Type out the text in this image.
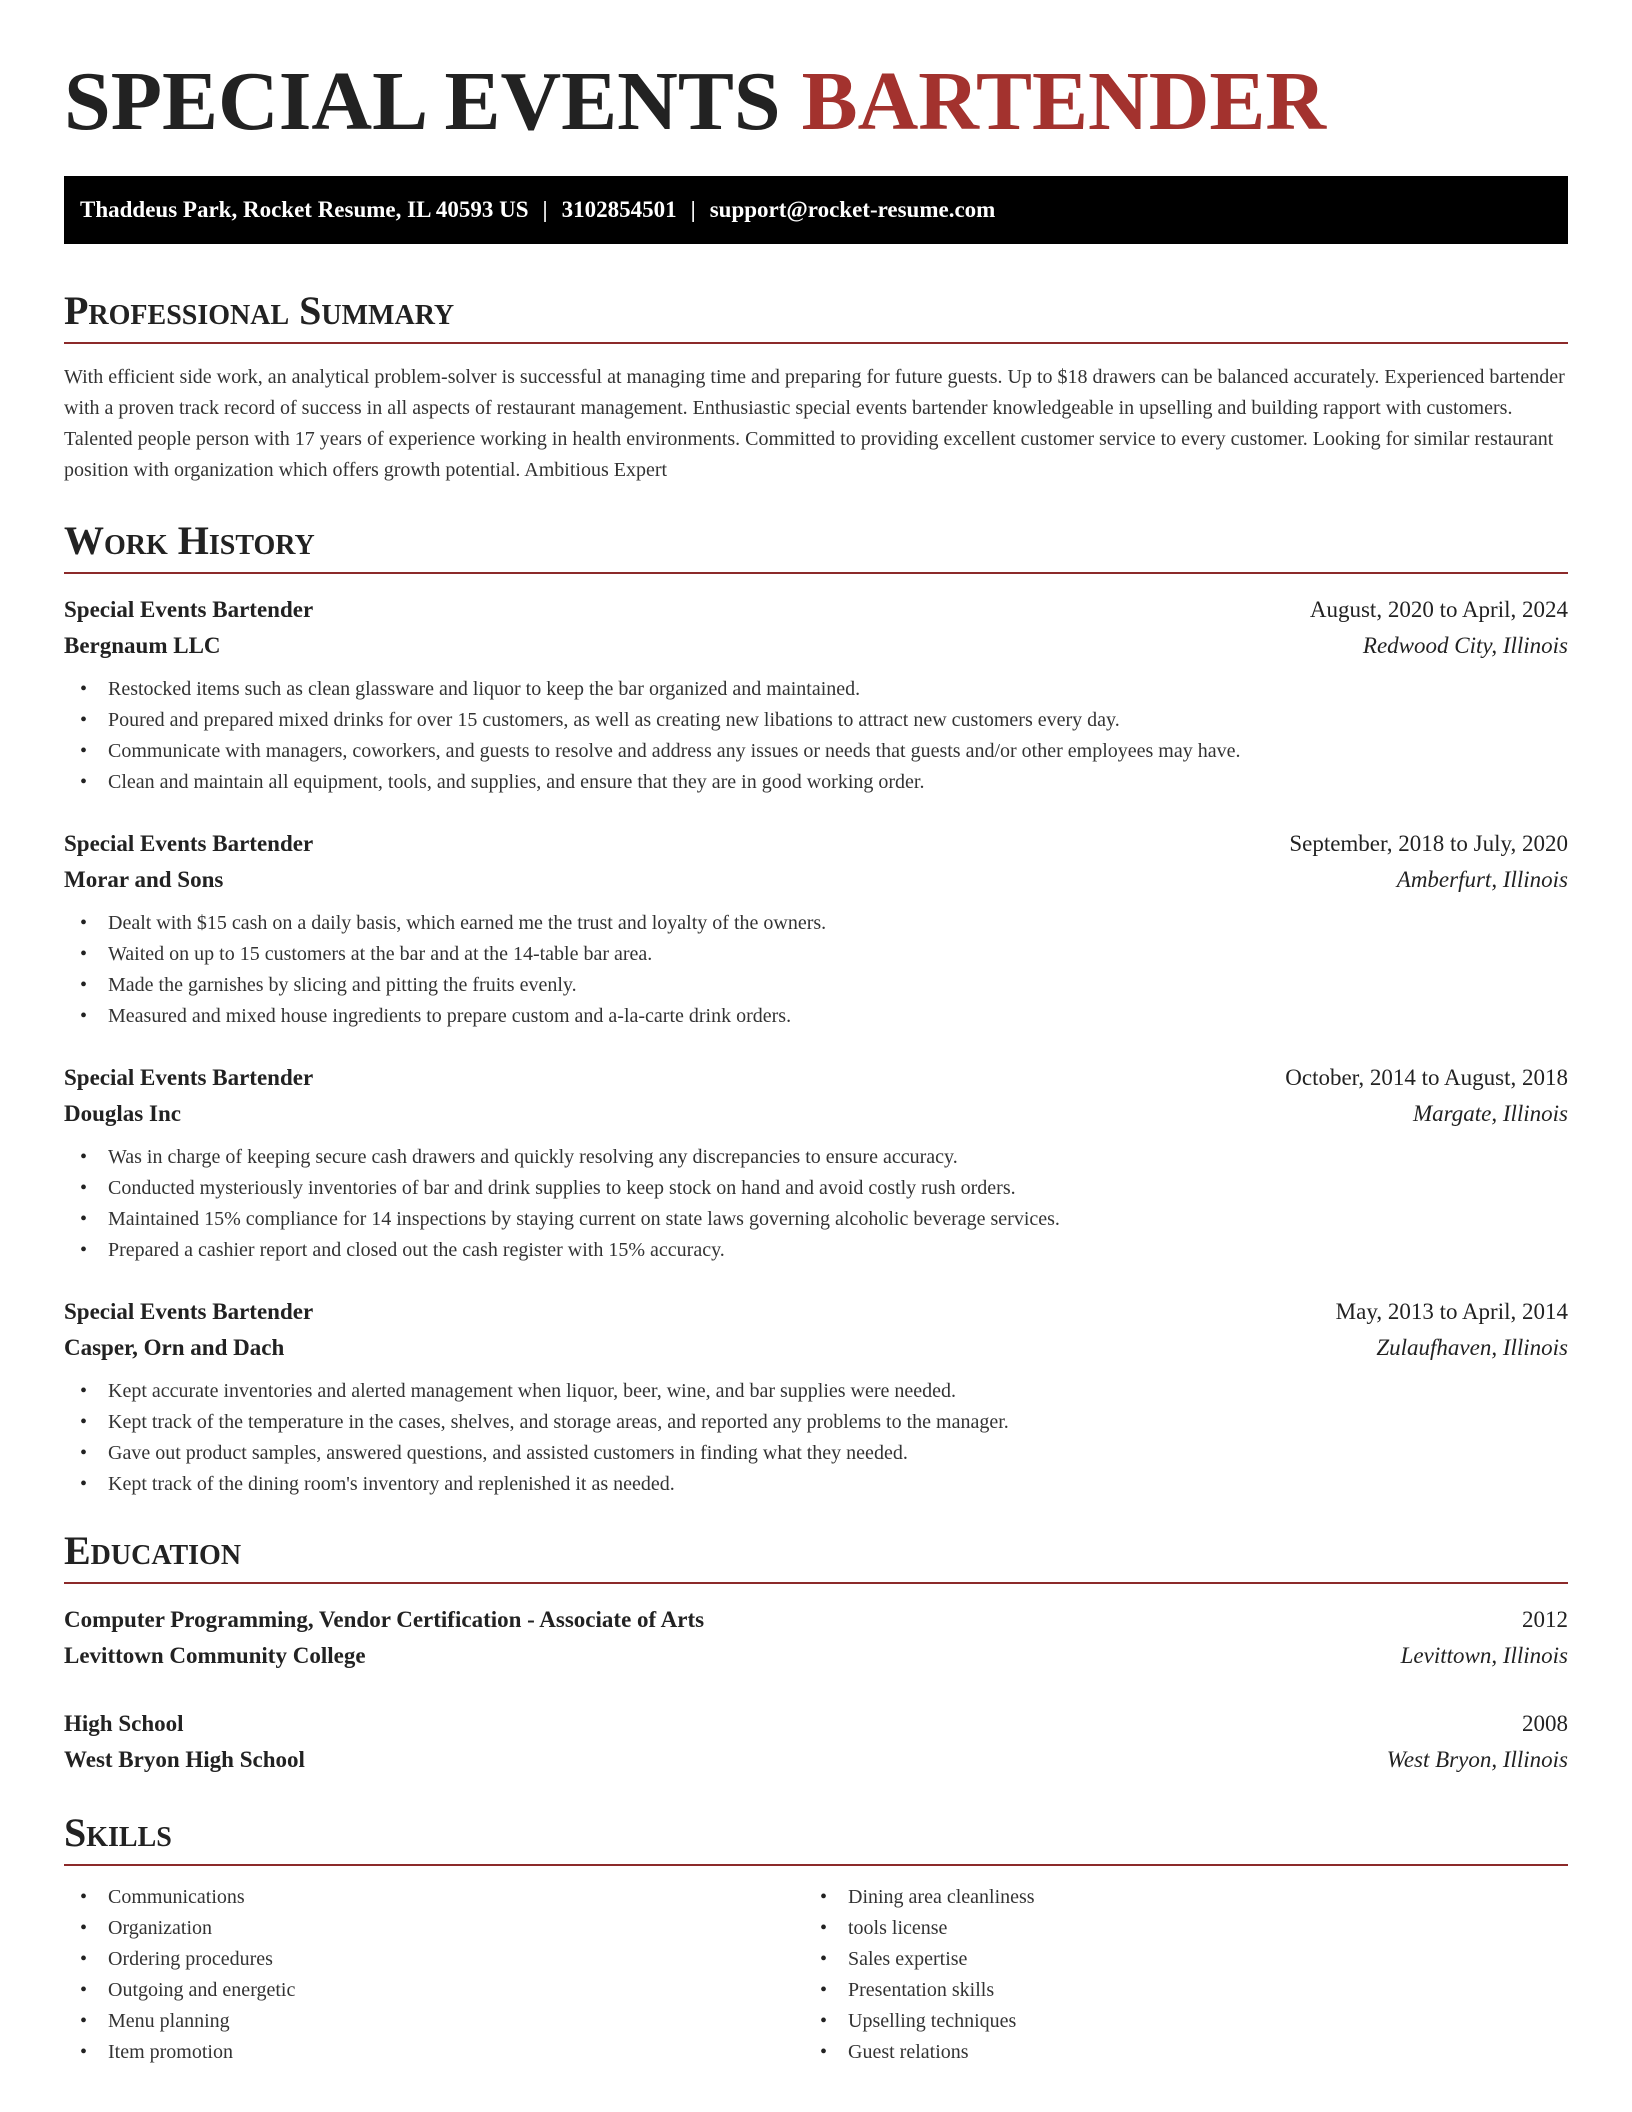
SPECIAL EVENTS BARTENDER
Thaddeus Park, Rocket Resume, IL 40593 US | 3102854501 | support@rocket-resume.com
Professional Summary

With efficient side work, an analytical problem-solver is successful at managing time and preparing for future guests. Up to $18 drawers can be balanced accurately. Experienced bartender with a proven track record of success in all aspects of restaurant management. Enthusiastic special events bartender knowledgeable in upselling and building rapport with customers. Talented people person with 17 years of experience working in health environments. Committed to providing excellent customer service to every customer. Looking for similar restaurant position with organization which offers growth potential. Ambitious Expert

Work History
Special Events Bartender	August, 2020 to April, 2024
Bergnaum LLC	Redwood City, Illinois
• Restocked items such as clean glassware and liquor to keep the bar organized and maintained.
• Poured and prepared mixed drinks for over 15 customers, as well as creating new libations to attract new customers every day.
• Communicate with managers, coworkers, and guests to resolve and address any issues or needs that guests and/or other employees may have.
• Clean and maintain all equipment, tools, and supplies, and ensure that they are in good working order.
Special Events Bartender	September, 2018 to July, 2020
Morar and Sons	Amberfurt, Illinois
• Dealt with $15 cash on a daily basis, which earned me the trust and loyalty of the owners.
• Waited on up to 15 customers at the bar and at the 14-table bar area.
• Made the garnishes by slicing and pitting the fruits evenly.
• Measured and mixed house ingredients to prepare custom and a-la-carte drink orders.
Special Events Bartender	October, 2014 to August, 2018
Douglas Inc	Margate, Illinois
• Was in charge of keeping secure cash drawers and quickly resolving any discrepancies to ensure accuracy.
• Conducted mysteriously inventories of bar and drink supplies to keep stock on hand and avoid costly rush orders.
• Maintained 15% compliance for 14 inspections by staying current on state laws governing alcoholic beverage services.
• Prepared a cashier report and closed out the cash register with 15% accuracy.
Special Events Bartender	May, 2013 to April, 2014
Casper, Orn and Dach	Zulaufhaven, Illinois
• Kept accurate inventories and alerted management when liquor, beer, wine, and bar supplies were needed.
• Kept track of the temperature in the cases, shelves, and storage areas, and reported any problems to the manager.
• Gave out product samples, answered questions, and assisted customers in finding what they needed.
• Kept track of the dining room's inventory and replenished it as needed.
Education
Computer Programming, Vendor Certification - Associate of Arts	2012
Levittown Community College	Levittown, Illinois
High School	2008
West Bryon High School	West Bryon, Illinois
Skills
• Communications
• Organization
• Ordering procedures
• Outgoing and energetic
• Menu planning
• Item promotion
• Dining area cleanliness
• tools license
• Sales expertise
• Presentation skills
• Upselling techniques
• Guest relations
